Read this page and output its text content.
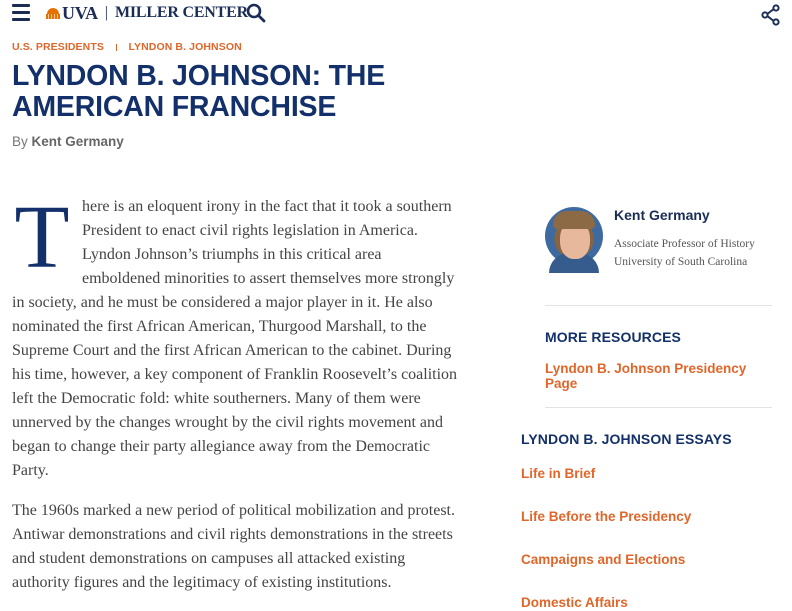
UVA | MILLER CENTER
U.S. PRESIDENTS LYNDON B. JOHNSON
LYNDON B. JOHNSON: THE AMERICAN FRANCHISE
By Kent Germany

There is an eloquent irony in the fact that it took a southern President to enact civil rights legislation in America. Lyndon Johnson’s triumphs in this critical area emboldened minorities to assert themselves more strongly in society, and he must be considered a major player in it. He also nominated the first African American, Thurgood Marshall, to the Supreme Court and the first African American to the cabinet. During his time, however, a key component of Franklin Roosevelt’s coalition left the Democratic fold: white southerners. Many of them were unnerved by the changes wrought by the civil rights movement and began to change their party allegiance away from the Democratic Party.

The 1960s marked a new period of political mobilization and protest. Antiwar demonstrations and civil rights demonstrations in the streets and student demonstrations on campuses all attacked existing authority figures and the legitimacy of existing institutions.

Kent Germany
Associate Professor of History
University of South Carolina
MORE RESOURCES
Lyndon B. Johnson Presidency Page
LYNDON B. JOHNSON ESSAYS
Life in Brief
Life Before the Presidency
Campaigns and Elections
Domestic Affairs
